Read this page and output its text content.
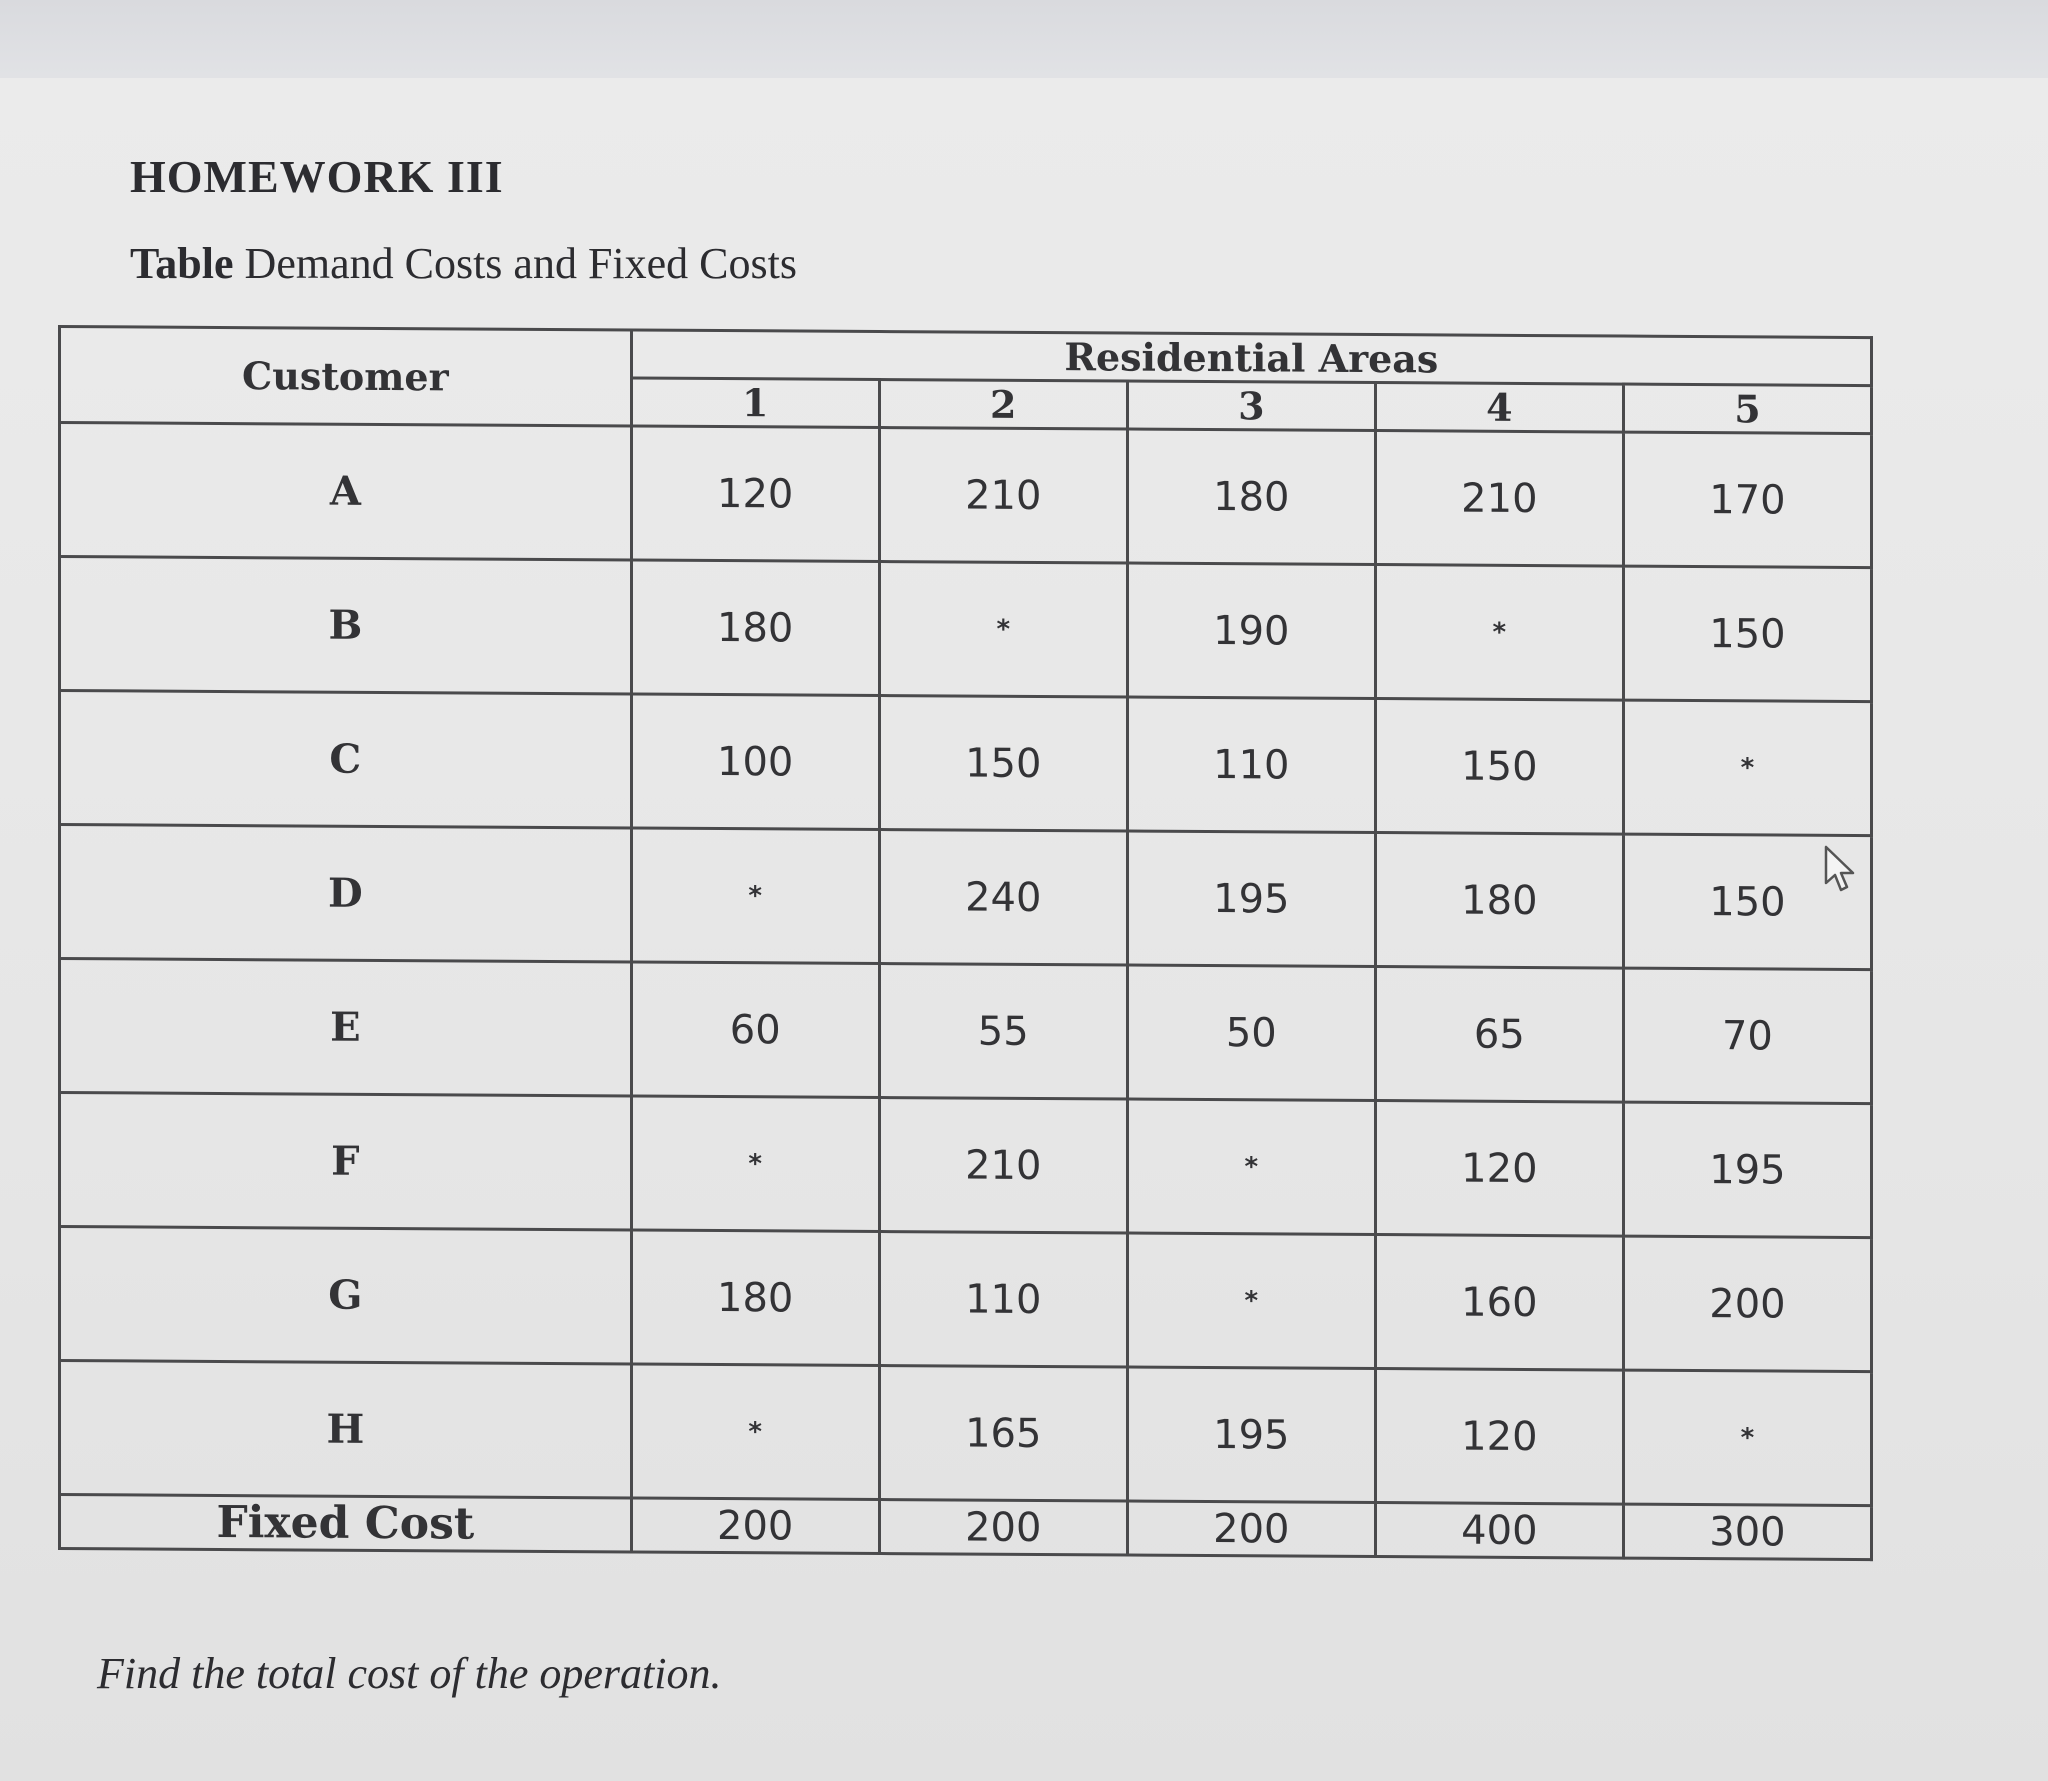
HOMEWORK III

Table Demand Costs and Fixed Costs

Customer	Residential Areas				
	1	2	3	4	5
A	120	210	180	210	170
B	180	*	190	*	150
C	100	150	110	150	*
D	*	240	195	180	150
E	60	55	50	65	70
F	*	210	*	120	195
G	180	110	*	160	200
H	*	165	195	120	*
Fixed Cost	200	200	200	400	300

Find the total cost of the operation.
